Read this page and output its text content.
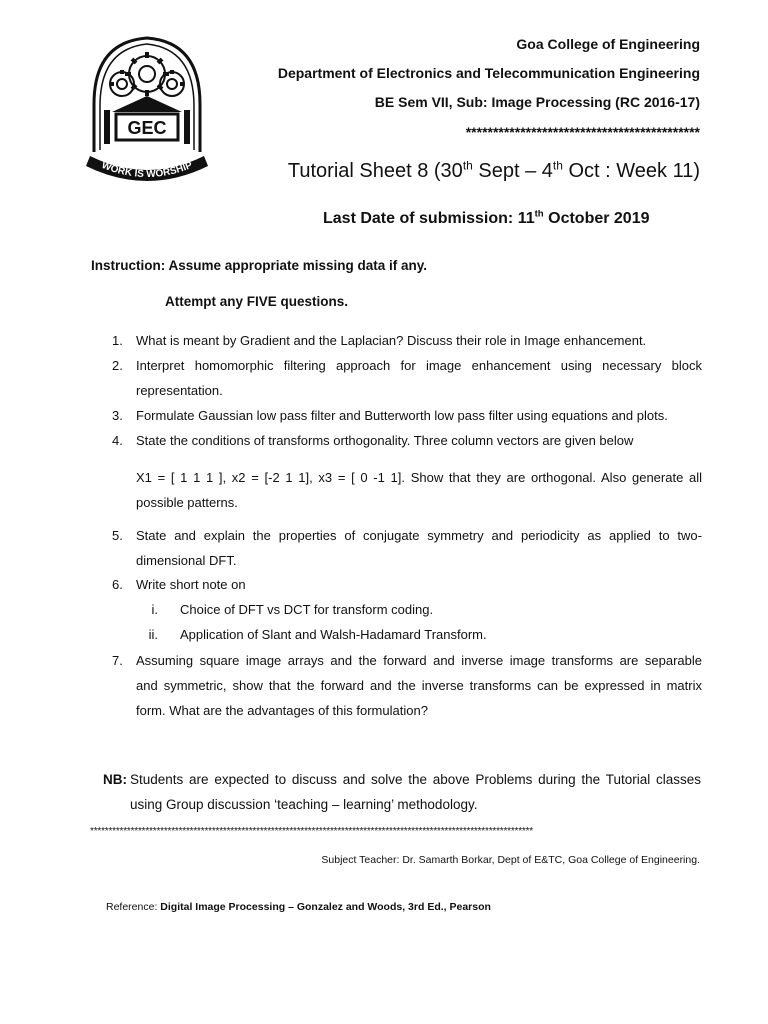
GEC
WORK IS WORSHIP
Goa College of Engineering
Department of Electronics and Telecommunication Engineering
BE Sem VII, Sub: Image Processing (RC 2016-17)
*******************************************
Tutorial Sheet 8 (30th Sept – 4th Oct : Week 11)
Last Date of submission: 11th October 2019
Instruction: Assume appropriate missing data if any.
Attempt any FIVE questions.
1. What is meant by Gradient and the Laplacian? Discuss their role in Image enhancement.
2. Interpret homomorphic filtering approach for image enhancement using necessary block
representation.
3. Formulate Gaussian low pass filter and Butterworth low pass filter using equations and plots.
4. State the conditions of transforms orthogonality. Three column vectors are given below
X1 = [ 1 1 1 ], x2 = [-2 1 1], x3 = [ 0 -1 1]. Show that they are orthogonal. Also generate all
possible patterns.
5. State and explain the properties of conjugate symmetry and periodicity as applied to two-
dimensional DFT.
6. Write short note on
i. Choice of DFT vs DCT for transform coding.
ii. Application of Slant and Walsh-Hadamard Transform.
7. Assuming square image arrays and the forward and inverse image transforms are separable
and symmetric, show that the forward and the inverse transforms can be expressed in matrix
form. What are the advantages of this formulation?
NB: Students are expected to discuss and solve the above Problems during the Tutorial classes
using Group discussion ‘teaching – learning’ methodology.
************************************************************************************************************************
Subject Teacher: Dr. Samarth Borkar, Dept of E&TC, Goa College of Engineering.
Reference: Digital Image Processing – Gonzalez and Woods, 3rd Ed., Pearson
